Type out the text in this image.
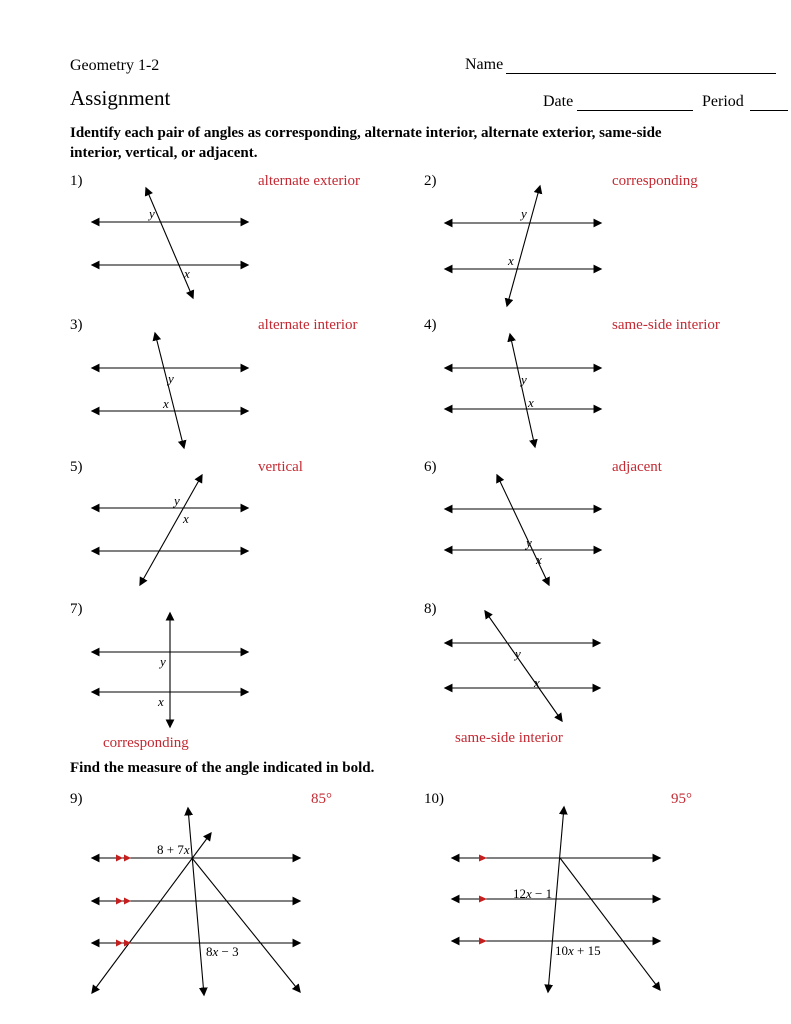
Geometry 1-2	Name
Assignment	Date	Period
Identify each pair of angles as corresponding, alternate interior, alternate exterior, same-side interior, vertical, or adjacent.
1)	alternate exterior
y
x
2)	corresponding
y
x
3)	alternate interior
y
x
4)	same-side interior
y
x
5)	vertical
y
x
6)	adjacent
y
x
7)
y
x
corresponding
8)
y
x
same-side interior
Find the measure of the angle indicated in bold.
9)	85°
8 + 7x
8x − 3
10)	95°
12x − 1
10x + 15
